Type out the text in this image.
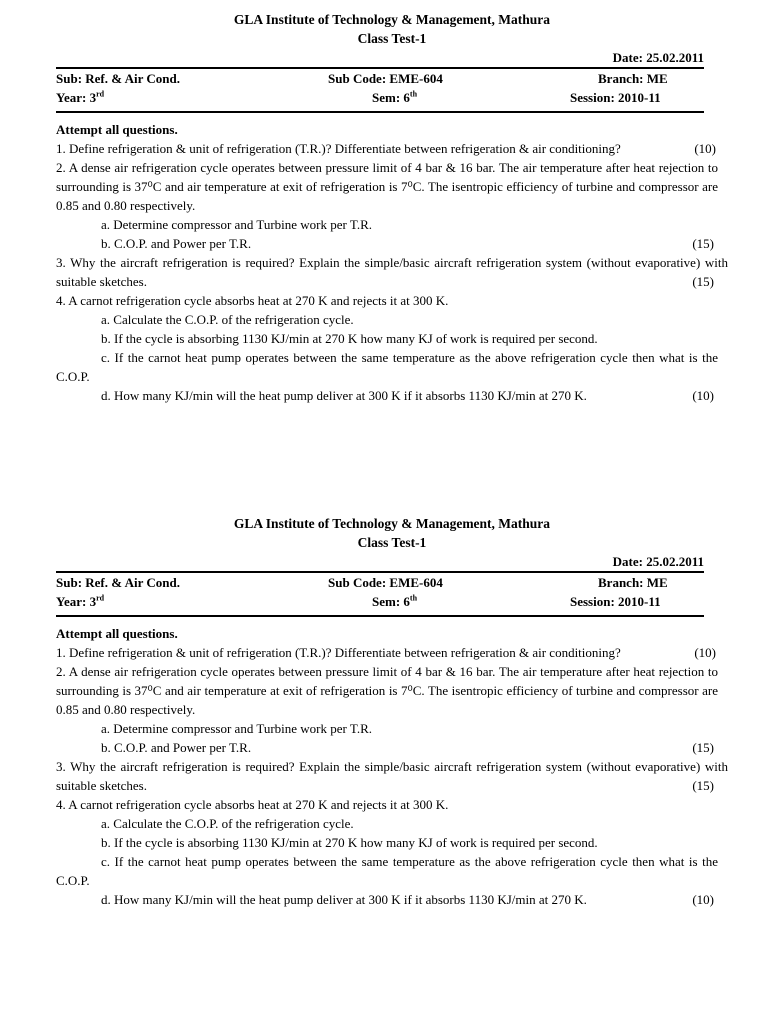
GLA Institute of Technology & Management, Mathura
Class Test-1
Date: 25.02.2011
Sub: Ref. & Air Cond.	Sub Code: EME-604	Branch: ME
Year: 3rd	Sem: 6th	Session: 2010-11
Attempt all questions.
1. Define refrigeration & unit of refrigeration (T.R.)? Differentiate between refrigeration & air conditioning?	(10)
2. A dense air refrigeration cycle operates between pressure limit of 4 bar & 16 bar. The air temperature after heat rejection to surrounding is 37⁰C and air temperature at exit of refrigeration is 7⁰C. The isentropic efficiency of turbine and compressor are 0.85 and 0.80 respectively.
a. Determine compressor and Turbine work per T.R.
b. C.O.P. and Power per T.R.	(15)
3. Why the aircraft refrigeration is required? Explain the simple/basic aircraft refrigeration system (without evaporative) with suitable sketches.	(15)
4. A carnot refrigeration cycle absorbs heat at 270 K and rejects it at 300 K.
a. Calculate the C.O.P. of the refrigeration cycle.
b. If the cycle is absorbing 1130 KJ/min at 270 K how many KJ of work is required per second.
c. If the carnot heat pump operates between the same temperature as the above refrigeration cycle then what is the C.O.P.
d. How many KJ/min will the heat pump deliver at 300 K if it absorbs 1130 KJ/min at 270 K.	(10)
GLA Institute of Technology & Management, Mathura
Class Test-1
Date: 25.02.2011
Sub: Ref. & Air Cond.	Sub Code: EME-604	Branch: ME
Year: 3rd	Sem: 6th	Session: 2010-11
Attempt all questions.
1. Define refrigeration & unit of refrigeration (T.R.)? Differentiate between refrigeration & air conditioning?	(10)
2. A dense air refrigeration cycle operates between pressure limit of 4 bar & 16 bar. The air temperature after heat rejection to surrounding is 37⁰C and air temperature at exit of refrigeration is 7⁰C. The isentropic efficiency of turbine and compressor are 0.85 and 0.80 respectively.
a. Determine compressor and Turbine work per T.R.
b. C.O.P. and Power per T.R.	(15)
3. Why the aircraft refrigeration is required? Explain the simple/basic aircraft refrigeration system (without evaporative) with suitable sketches.	(15)
4. A carnot refrigeration cycle absorbs heat at 270 K and rejects it at 300 K.
a. Calculate the C.O.P. of the refrigeration cycle.
b. If the cycle is absorbing 1130 KJ/min at 270 K how many KJ of work is required per second.
c. If the carnot heat pump operates between the same temperature as the above refrigeration cycle then what is the C.O.P.
d. How many KJ/min will the heat pump deliver at 300 K if it absorbs 1130 KJ/min at 270 K.	(10)
